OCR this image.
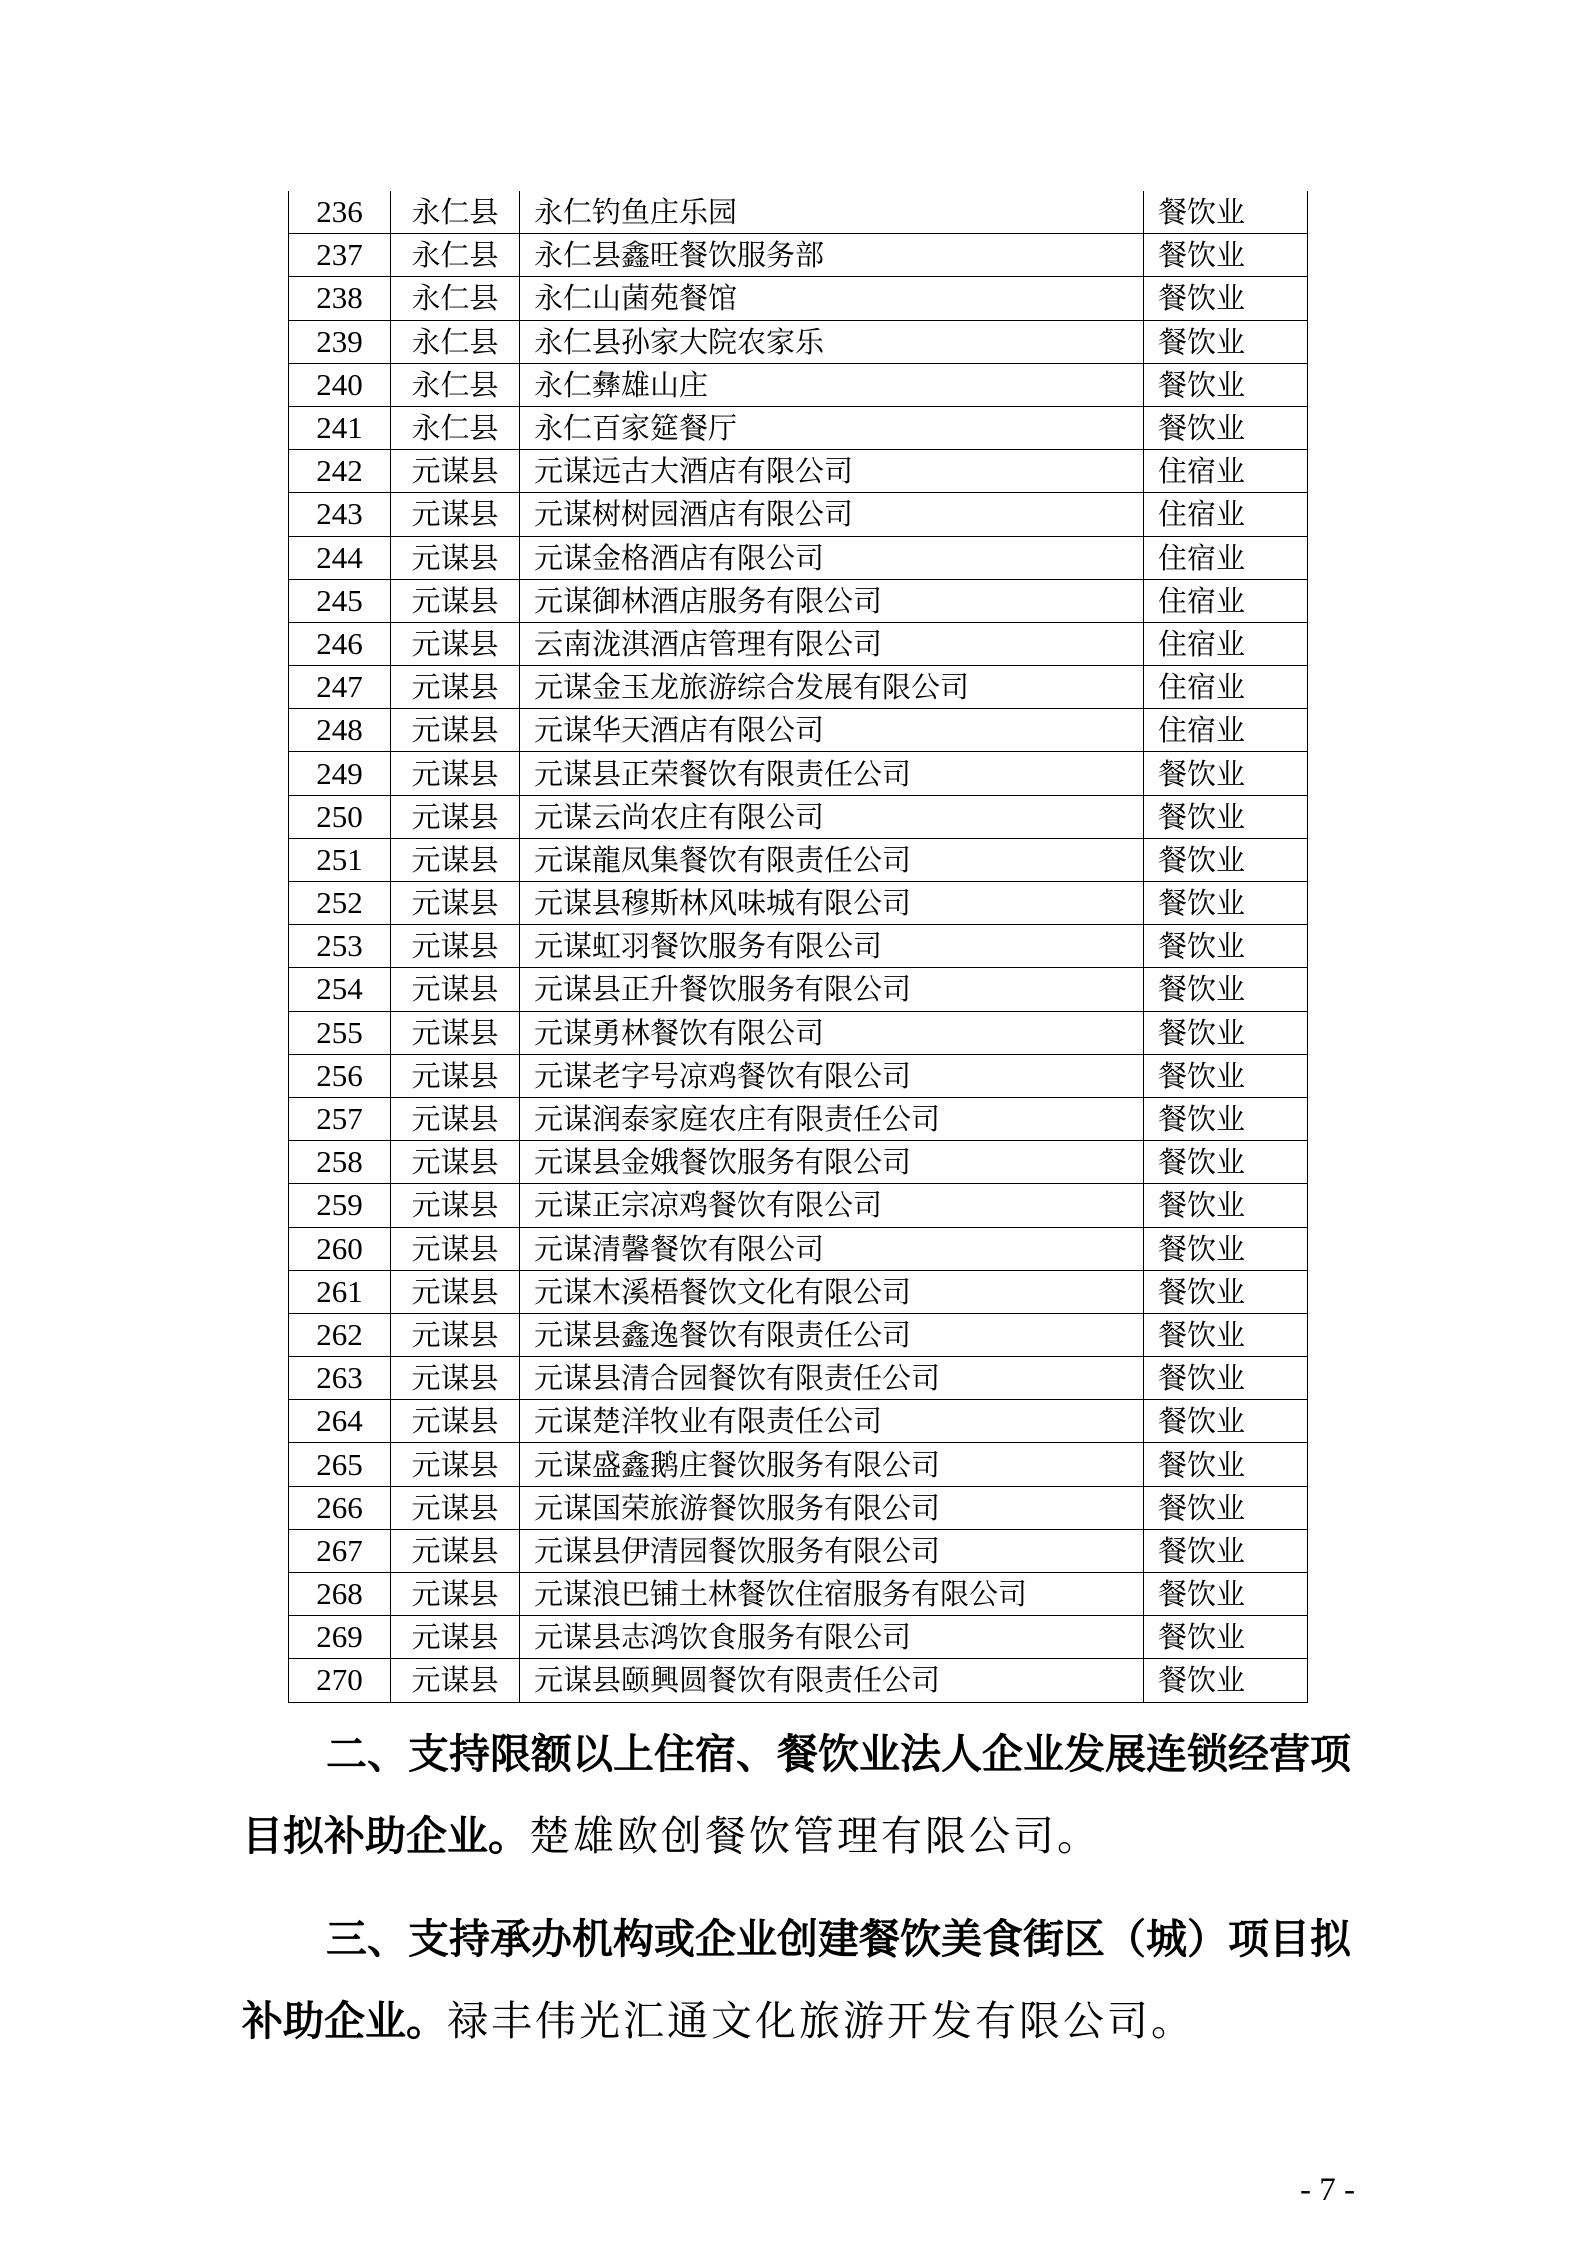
236	永仁县	永仁钓鱼庄乐园	餐饮业
237	永仁县	永仁县鑫旺餐饮服务部	餐饮业
238	永仁县	永仁山菌苑餐馆	餐饮业
239	永仁县	永仁县孙家大院农家乐	餐饮业
240	永仁县	永仁彝雄山庄	餐饮业
241	永仁县	永仁百家筵餐厅	餐饮业
242	元谋县	元谋远古大酒店有限公司	住宿业
243	元谋县	元谋树树园酒店有限公司	住宿业
244	元谋县	元谋金格酒店有限公司	住宿业
245	元谋县	元谋御林酒店服务有限公司	住宿业
246	元谋县	云南泷淇酒店管理有限公司	住宿业
247	元谋县	元谋金玉龙旅游综合发展有限公司	住宿业
248	元谋县	元谋华天酒店有限公司	住宿业
249	元谋县	元谋县正荣餐饮有限责任公司	餐饮业
250	元谋县	元谋云尚农庄有限公司	餐饮业
251	元谋县	元谋龍凤集餐饮有限责任公司	餐饮业
252	元谋县	元谋县穆斯林风味城有限公司	餐饮业
253	元谋县	元谋虹羽餐饮服务有限公司	餐饮业
254	元谋县	元谋县正升餐饮服务有限公司	餐饮业
255	元谋县	元谋勇林餐饮有限公司	餐饮业
256	元谋县	元谋老字号凉鸡餐饮有限公司	餐饮业
257	元谋县	元谋润泰家庭农庄有限责任公司	餐饮业
258	元谋县	元谋县金娥餐饮服务有限公司	餐饮业
259	元谋县	元谋正宗凉鸡餐饮有限公司	餐饮业
260	元谋县	元谋清馨餐饮有限公司	餐饮业
261	元谋县	元谋木溪梧餐饮文化有限公司	餐饮业
262	元谋县	元谋县鑫逸餐饮有限责任公司	餐饮业
263	元谋县	元谋县清合园餐饮有限责任公司	餐饮业
264	元谋县	元谋楚洋牧业有限责任公司	餐饮业
265	元谋县	元谋盛鑫鹅庄餐饮服务有限公司	餐饮业
266	元谋县	元谋国荣旅游餐饮服务有限公司	餐饮业
267	元谋县	元谋县伊清园餐饮服务有限公司	餐饮业
268	元谋县	元谋浪巴铺土林餐饮住宿服务有限公司	餐饮业
269	元谋县	元谋县志鸿饮食服务有限公司	餐饮业
270	元谋县	元谋县颐興圆餐饮有限责任公司	餐饮业

二、支持限额以上住宿、餐饮业法人企业发展连锁经营项目拟补助企业。楚雄欧创餐饮管理有限公司。

三、支持承办机构或企业创建餐饮美食街区（城）项目拟补助企业。禄丰伟光汇通文化旅游开发有限公司。

- 7 -
